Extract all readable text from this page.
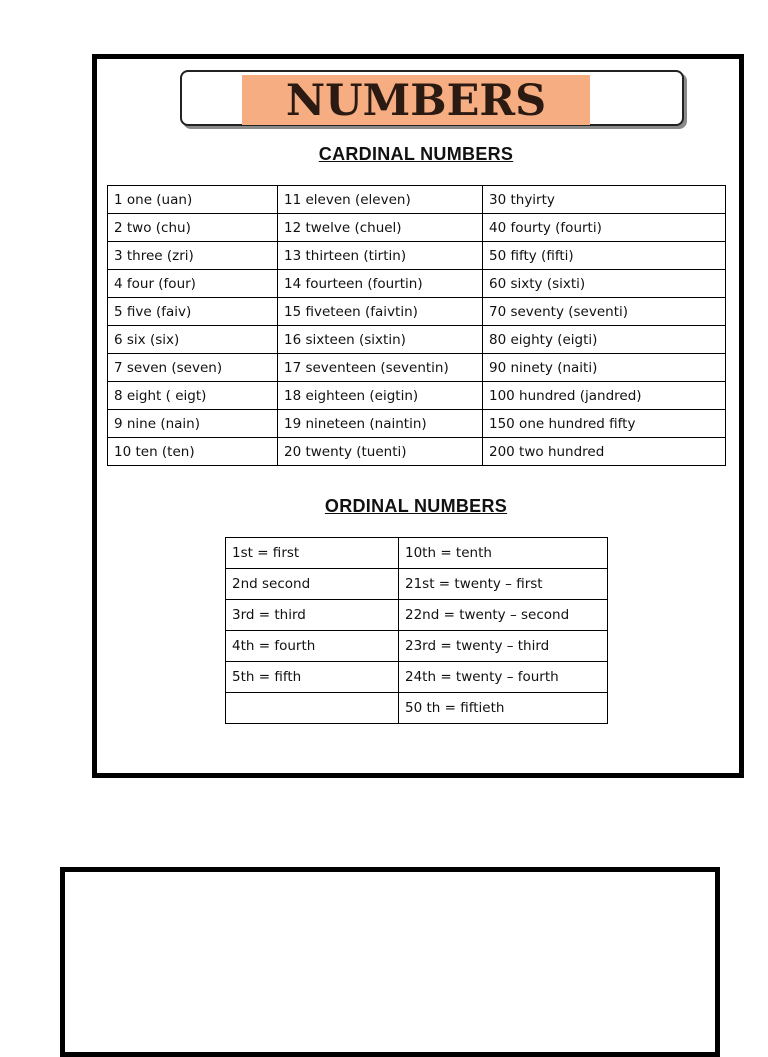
NUMBERS
CARDINAL NUMBERS
1 one (uan)	11 eleven (eleven)	30 thyirty
2 two (chu)	12 twelve (chuel)	40 fourty (fourti)
3 three (zri)	13 thirteen (tirtin)	50 fifty (fifti)
4 four (four)	14 fourteen (fourtin)	60 sixty (sixti)
5 five (faiv)	15 fiveteen (faivtin)	70 seventy (seventi)
6 six (six)	16 sixteen (sixtin)	80 eighty (eigti)
7 seven (seven)	17 seventeen (seventin)	90 ninety (naiti)
8 eight ( eigt)	18 eighteen (eigtin)	100 hundred (jandred)
9 nine (nain)	19 nineteen (naintin)	150 one hundred fifty
10 ten (ten)	20 twenty (tuenti)	200 two hundred
ORDINAL NUMBERS
1st = first	10th = tenth
2nd second	21st = twenty – first
3rd = third	22nd = twenty – second
4th = fourth	23rd = twenty – third
5th = fifth	24th = twenty – fourth
	50 th = fiftieth
